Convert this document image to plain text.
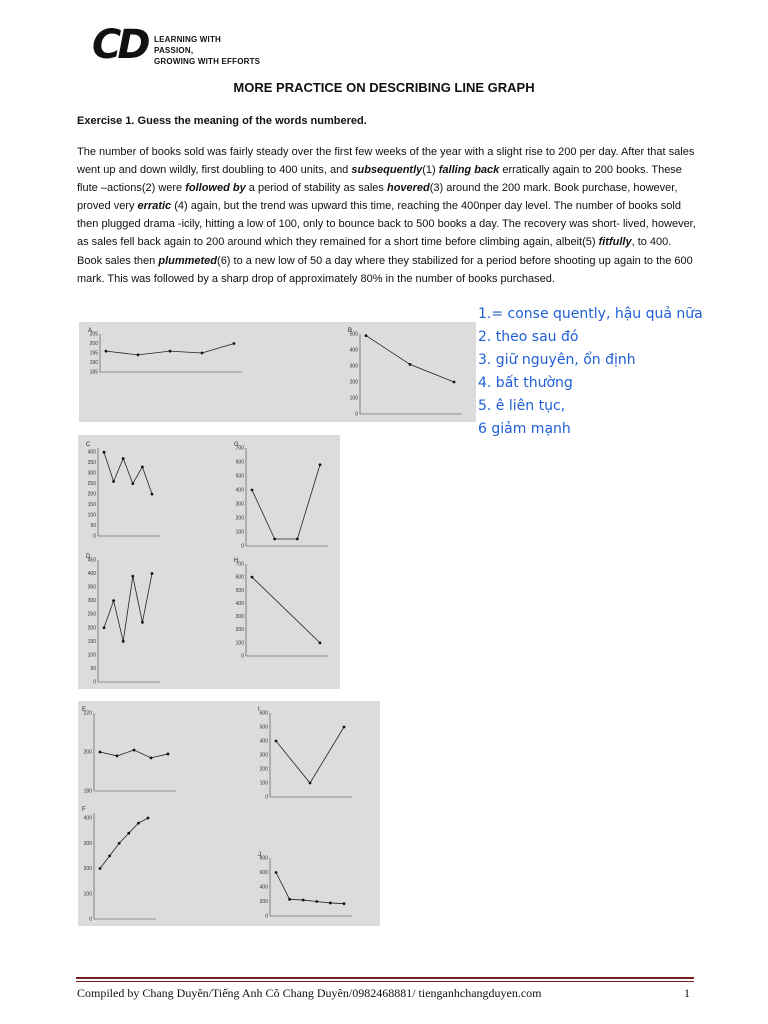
CD LEARNING WITH PASSION,
GROWING WITH EFFORTS
MORE PRACTICE ON DESCRIBING LINE GRAPH
Exercise 1. Guess the meaning of the words numbered.
The number of books sold was fairly steady over the first few weeks of the year with a slight rise to 200 per day. After that sales went up and down wildly, first doubling to 400 units, and subsequently(1) falling back erratically again to 200 books. These flute –actions(2) were followed by a period of stability as sales hovered(3) around the 200 mark. Book purchase, however, proved very erratic (4) again, but the trend was upward this time, reaching the 400nper day level. The number of books sold then plugged drama -icily, hitting a low of 100, only to bounce back to 500 books a day. The recovery was short- lived, however, as sales fell back again to 200 around which they remained for a short time before climbing again, albeit(5) fitfully, to 400. Book sales then plummeted(6) to a new low of 50 a day where they stabilized for a period before shooting up again to the 600 mark. This was followed by a sharp drop of approximately 80% in the number of books purchased.
1.= conse quently, hậu quả nữa
2. theo sau đó
3. giữ nguyên, ổn định
4. bất thường
5. ê liên tục,
6 giảm mạnh
A
205
200
195
190
185
B
500
400
300
200
100
0
C
400
350
300
250
200
150
100
50
0
G
700
600
500
400
300
200
100
0
D
450
400
350
300
250
200
150
100
50
0
H
700
600
500
400
300
200
100
0
E
220
200
180
I
600
500
400
300
200
100
0
F
400
300
200
100
0
J
800
600
400
200
0
Compiled by Chang Duyên/Tiếng Anh Cô Chang Duyên/0982468881/ tienganhchangduyen.com	1
